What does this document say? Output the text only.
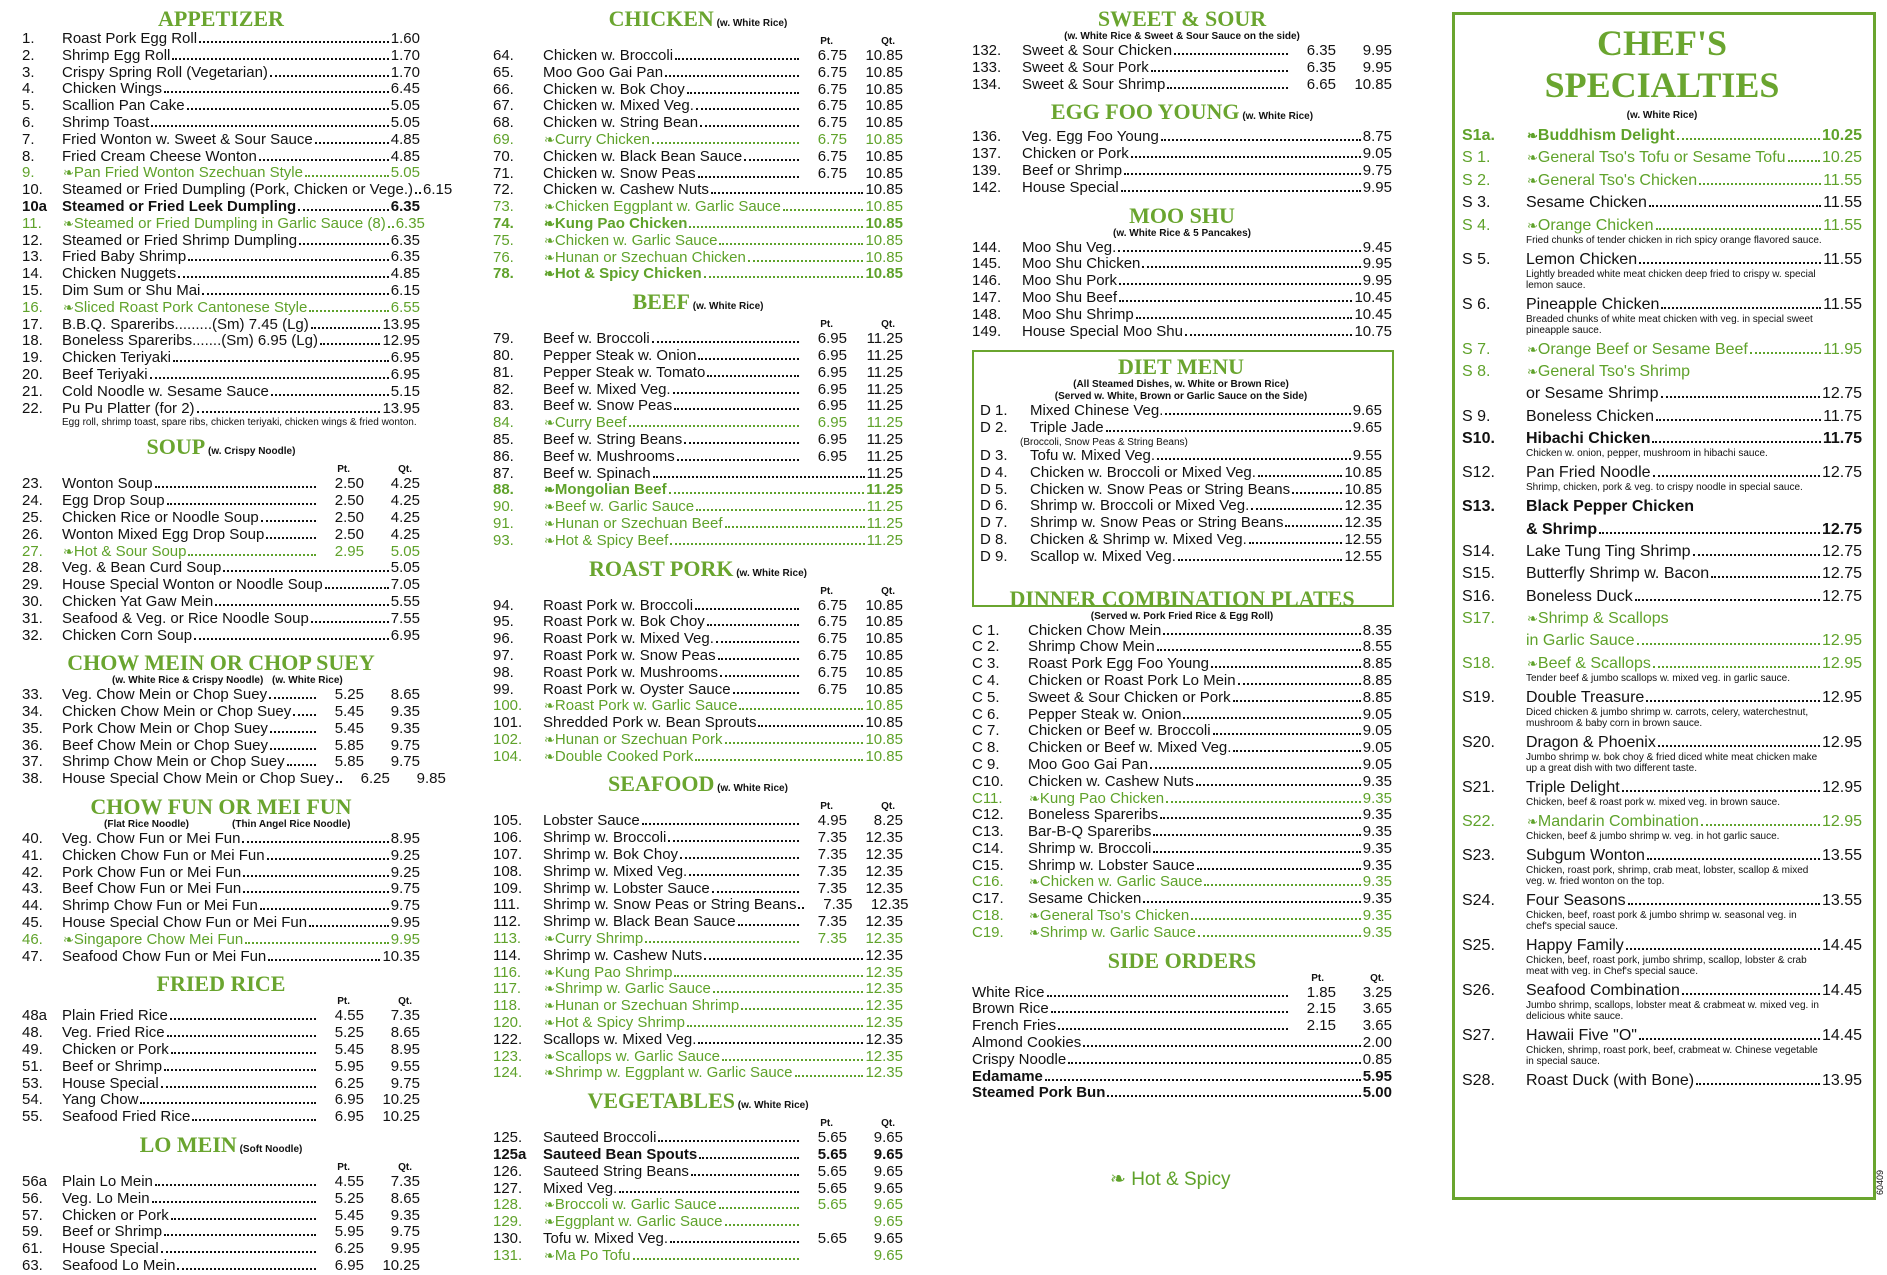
APPETIZER
1.	Roast Pork Egg Roll	1.60
2.	Shrimp Egg Roll	1.70
3.	Crispy Spring Roll (Vegetarian)	1.70
4.	Chicken Wings	6.45
5.	Scallion Pan Cake	5.05
6.	Shrimp Toast	5.05
7.	Fried Wonton w. Sweet & Sour Sauce	4.85
8.	Fried Cream Cheese Wonton	4.85
9.	❧ Pan Fried Wonton Szechuan Style	5.05
10.	Steamed or Fried Dumpling (Pork, Chicken or Vege.) 6.15
10a Steamed or Fried Leek Dumpling	6.35
11.	❧ Steamed or Fried Dumpling in Garlic Sauce (8) 6.35
12.	Steamed or Fried Shrimp Dumpling	6.35
13.	Fried Baby Shrimp	6.35
14.	Chicken Nuggets	4.85
15.	Dim Sum or Shu Mai	6.15
16.	❧ Sliced Roast Pork Cantonese Style	6.55
17.	B.B.Q. Spareribs.........(Sm) 7.45 (Lg)	13.95
18.	Boneless Spareribs.......(Sm) 6.95 (Lg)	12.95
19.	Chicken Teriyaki	6.95
20.	Beef Teriyaki	6.95
21.	Cold Noodle w. Sesame Sauce	5.15
22.	Pu Pu Platter (for 2)	13.95
Egg roll, shrimp toast, spare ribs, chicken teriyaki, chicken wings & fried wonton.
SOUP (w. Crispy Noodle)
Pt.	Qt.
23.	Wonton Soup	2.50	4.25
24.	Egg Drop Soup	2.50	4.25
25.	Chicken Rice or Noodle Soup	2.50	4.25
26.	Wonton Mixed Egg Drop Soup	2.50	4.25
27.	❧ Hot & Sour Soup	2.95	5.05
28.	Veg. & Bean Curd Soup	5.05
29.	House Special Wonton or Noodle Soup	7.05
30.	Chicken Yat Gaw Mein	5.55
31.	Seafood & Veg. or Rice Noodle Soup	7.55
32.	Chicken Corn Soup	6.95
CHOW MEIN OR CHOP SUEY
(w. White Rice & Crispy Noodle) (w. White Rice)
33.	Veg. Chow Mein or Chop Suey	5.25	8.65
34.	Chicken Chow Mein or Chop Suey	5.45	9.35
35.	Pork Chow Mein or Chop Suey	5.45	9.35
36.	Beef Chow Mein or Chop Suey	5.85	9.75
37.	Shrimp Chow Mein or Chop Suey	5.85	9.75
38.	House Special Chow Mein or Chop Suey	6.25	9.85
CHOW FUN OR MEI FUN
(Flat Rice Noodle)	(Thin Angel Rice Noodle)
40.	Veg. Chow Fun or Mei Fun	8.95
41.	Chicken Chow Fun or Mei Fun	9.25
42.	Pork Chow Fun or Mei Fun	9.25
43.	Beef Chow Fun or Mei Fun	9.75
44.	Shrimp Chow Fun or Mei Fun	9.75
45.	House Special Chow Fun or Mei Fun	9.95
46.	❧ Singapore Chow Mei Fun	9.95
47.	Seafood Chow Fun or Mei Fun	10.35
FRIED RICE
Pt.	Qt.
48a Plain Fried Rice	4.55	7.35
48.	Veg. Fried Rice	5.25	8.65
49.	Chicken or Pork	5.45	8.95
51.	Beef or Shrimp	5.95	9.55
53.	House Special	6.25	9.75
54.	Yang Chow	6.95	10.25
55.	Seafood Fried Rice	6.95	10.25
LO MEIN (Soft Noodle)
Pt.	Qt.
56a Plain Lo Mein	4.55	7.35
56.	Veg. Lo Mein	5.25	8.65
57.	Chicken or Pork	5.45	9.35
59.	Beef or Shrimp	5.95	9.75
61.	House Special	6.25	9.95
63.	Seafood Lo Mein	6.95	10.25
CHICKEN (w. White Rice)
Pt.	Qt.
64.	Chicken w. Broccoli	6.75	10.85
65.	Moo Goo Gai Pan	6.75	10.85
66.	Chicken w. Bok Choy	6.75	10.85
67.	Chicken w. Mixed Veg.	6.75	10.85
68.	Chicken w. String Bean	6.75	10.85
69.	❧ Curry Chicken	6.75	10.85
70.	Chicken w. Black Bean Sauce	6.75	10.85
71.	Chicken w. Snow Peas	6.75	10.85
72.	Chicken w. Cashew Nuts	10.85
73.	❧ Chicken Eggplant w. Garlic Sauce	10.85
74.	❧ Kung Pao Chicken	10.85
75.	❧ Chicken w. Garlic Sauce	10.85
76.	❧ Hunan or Szechuan Chicken	10.85
78.	❧ Hot & Spicy Chicken	10.85
BEEF (w. White Rice)
Pt.	Qt.
79.	Beef w. Broccoli	6.95	11.25
80.	Pepper Steak w. Onion	6.95	11.25
81.	Pepper Steak w. Tomato	6.95	11.25
82.	Beef w. Mixed Veg.	6.95	11.25
83.	Beef w. Snow Peas	6.95	11.25
84.	❧ Curry Beef	6.95	11.25
85.	Beef w. String Beans	6.95	11.25
86.	Beef w. Mushrooms	6.95	11.25
87.	Beef w. Spinach	11.25
88.	❧ Mongolian Beef	11.25
90.	❧ Beef w. Garlic Sauce	11.25
91.	❧ Hunan or Szechuan Beef	11.25
93.	❧ Hot & Spicy Beef	11.25
ROAST PORK (w. White Rice)
Pt.	Qt.
94.	Roast Pork w. Broccoli	6.75	10.85
95.	Roast Pork w. Bok Choy	6.75	10.85
96.	Roast Pork w. Mixed Veg.	6.75	10.85
97.	Roast Pork w. Snow Peas	6.75	10.85
98.	Roast Pork w. Mushrooms	6.75	10.85
99.	Roast Pork w. Oyster Sauce	6.75	10.85
100.	❧ Roast Pork w. Garlic Sauce	10.85
101.	Shredded Pork w. Bean Sprouts	10.85
102.	❧ Hunan or Szechuan Pork	10.85
104.	❧ Double Cooked Pork	10.85
SEAFOOD (w. White Rice)
Pt.	Qt.
105.	Lobster Sauce	4.95	8.25
106.	Shrimp w. Broccoli	7.35	12.35
107.	Shrimp w. Bok Choy	7.35	12.35
108.	Shrimp w. Mixed Veg.	7.35	12.35
109.	Shrimp w. Lobster Sauce	7.35	12.35
111.	Shrimp w. Snow Peas or String Beans	7.35	12.35
112.	Shrimp w. Black Bean Sauce	7.35	12.35
113.	❧ Curry Shrimp	7.35	12.35
114.	Shrimp w. Cashew Nuts	12.35
116.	❧ Kung Pao Shrimp	12.35
117.	❧ Shrimp w. Garlic Sauce	12.35
118.	❧ Hunan or Szechuan Shrimp	12.35
120.	❧ Hot & Spicy Shrimp	12.35
122.	Scallops w. Mixed Veg.	12.35
123.	❧ Scallops w. Garlic Sauce	12.35
124.	❧ Shrimp w. Eggplant w. Garlic Sauce	12.35
VEGETABLES (w. White Rice)
Pt.	Qt.
125.	Sauteed Broccoli	5.65	9.65
125a	Sauteed Bean Spouts	5.65	9.65
126.	Sauteed String Beans	5.65	9.65
127.	Mixed Veg.	5.65	9.65
128.	❧ Broccoli w. Garlic Sauce	5.65	9.65
129.	❧ Eggplant w. Garlic Sauce	9.65
130.	Tofu w. Mixed Veg.	5.65	9.65
131.	❧ Ma Po Tofu	9.65
SWEET & SOUR
(w. White Rice & Sweet & Sour Sauce on the side)
132.	Sweet & Sour Chicken	6.35	9.95
133.	Sweet & Sour Pork	6.35	9.95
134.	Sweet & Sour Shrimp	6.65	10.85
EGG FOO YOUNG (w. White Rice)
136.	Veg. Egg Foo Young	8.75
137.	Chicken or Pork	9.05
139.	Beef or Shrimp	9.75
142.	House Special	9.95
MOO SHU
(w. White Rice & 5 Pancakes)
144.	Moo Shu Veg.	9.45
145.	Moo Shu Chicken	9.95
146.	Moo Shu Pork	9.95
147.	Moo Shu Beef	10.45
148.	Moo Shu Shrimp	10.45
149.	House Special Moo Shu	10.75
DIET MENU
(All Steamed Dishes, w. White or Brown Rice)
(Served w. White, Brown or Garlic Sauce on the Side)
D 1.	Mixed Chinese Veg.	9.65
D 2.	Triple Jade	9.65
(Broccoli, Snow Peas & String Beans)
D 3.	Tofu w. Mixed Veg.	9.55
D 4.	Chicken w. Broccoli or Mixed Veg.	10.85
D 5.	Chicken w. Snow Peas or String Beans	10.85
D 6.	Shrimp w. Broccoli or Mixed Veg.	12.35
D 7.	Shrimp w. Snow Peas or String Beans	12.35
D 8.	Chicken & Shrimp w. Mixed Veg.	12.55
D 9.	Scallop w. Mixed Veg.	12.55
DINNER COMBINATION PLATES
(Served w. Pork Fried Rice & Egg Roll)
C 1.	Chicken Chow Mein	8.35
C 2.	Shrimp Chow Mein	8.55
C 3.	Roast Pork Egg Foo Young	8.85
C 4.	Chicken or Roast Pork Lo Mein	8.85
C 5.	Sweet & Sour Chicken or Pork	8.85
C 6.	Pepper Steak w. Onion	9.05
C 7.	Chicken or Beef w. Broccoli	9.05
C 8.	Chicken or Beef w. Mixed Veg.	9.05
C 9.	Moo Goo Gai Pan	9.05
C10.	Chicken w. Cashew Nuts	9.35
C11.	❧ Kung Pao Chicken	9.35
C12.	Boneless Spareribs	9.35
C13.	Bar-B-Q Spareribs	9.35
C14.	Shrimp w. Broccoli	9.35
C15.	Shrimp w. Lobster Sauce	9.35
C16.	❧ Chicken w. Garlic Sauce	9.35
C17.	Sesame Chicken	9.35
C18.	❧ General Tso's Chicken	9.35
C19.	❧ Shrimp w. Garlic Sauce	9.35
SIDE ORDERS
Pt.	Qt.
White Rice	1.85	3.25
Brown Rice	2.15	3.65
French Fries	2.15	3.65
Almond Cookies	2.00
Crispy Noodle	0.85
Edamame	5.95
Steamed Pork Bun	5.00
CHEF'S
SPECIALTIES
(w. White Rice)
S1a.	❧ Buddhism Delight	10.25
S 1.	❧ General Tso's Tofu or Sesame Tofu 10.25
S 2.	❧ General Tso's Chicken	11.55
S 3.	Sesame Chicken	11.55
S 4.	❧ Orange Chicken	11.55
Fried chunks of tender chicken in rich spicy orange flavored sauce.
S 5.	Lemon Chicken	11.55
Lightly breaded white meat chicken deep fried to crispy w. special lemon sauce.
S 6.	Pineapple Chicken	11.55
Breaded chunks of white meat chicken with veg. in special sweet pineapple sauce.
S 7.	❧ Orange Beef or Sesame Beef	11.95
S 8.	❧ General Tso's Shrimp
or Sesame Shrimp	12.75
S 9.	Boneless Chicken	11.75
S10.	Hibachi Chicken	11.75
Chicken w. onion, pepper, mushroom in hibachi sauce.
S12.	Pan Fried Noodle	12.75
Shrimp, chicken, pork & veg. to crispy noodle in special sauce.
S13.	Black Pepper Chicken
& Shrimp	12.75
S14.	Lake Tung Ting Shrimp	12.75
S15.	Butterfly Shrimp w. Bacon	12.75
S16.	Boneless Duck	12.75
S17.	❧ Shrimp & Scallops
in Garlic Sauce	12.95
S18.	❧ Beef & Scallops	12.95
Tender beef & jumbo scallops w. mixed veg. in garlic sauce.
S19.	Double Treasure	12.95
Diced chicken & jumbo shrimp w. carrots, celery, waterchestnut, mushroom & baby corn in brown sauce.
S20.	Dragon & Phoenix	12.95
Jumbo shrimp w. bok choy & fried diced white meat chicken make up a great dish with two different taste.
S21.	Triple Delight	12.95
Chicken, beef & roast pork w. mixed veg. in brown sauce.
S22.	❧ Mandarin Combination	12.95
Chicken, beef & jumbo shrimp w. veg. in hot garlic sauce.
S23.	Subgum Wonton	13.55
Chicken, roast pork, shrimp, crab meat, lobster, scallop & mixed veg. w. fried wonton on the top.
S24.	Four Seasons	13.55
Chicken, beef, roast pork & jumbo shrimp w. seasonal veg. in chef's special sauce.
S25.	Happy Family	14.45
Chicken, beef, roast pork, jumbo shrimp, scallop, lobster & crab meat with veg. in Chef's special sauce.
S26.	Seafood Combination	14.45
Jumbo shrimp, scallops, lobster meat & crabmeat w. mixed veg. in delicious white sauce.
S27.	Hawaii Five "O"	14.45
Chicken, shrimp, roast pork, beef, crabmeat w. Chinese vegetable in special sauce.
S28.	Roast Duck (with Bone)	13.95
❧ Hot & Spicy	60409
